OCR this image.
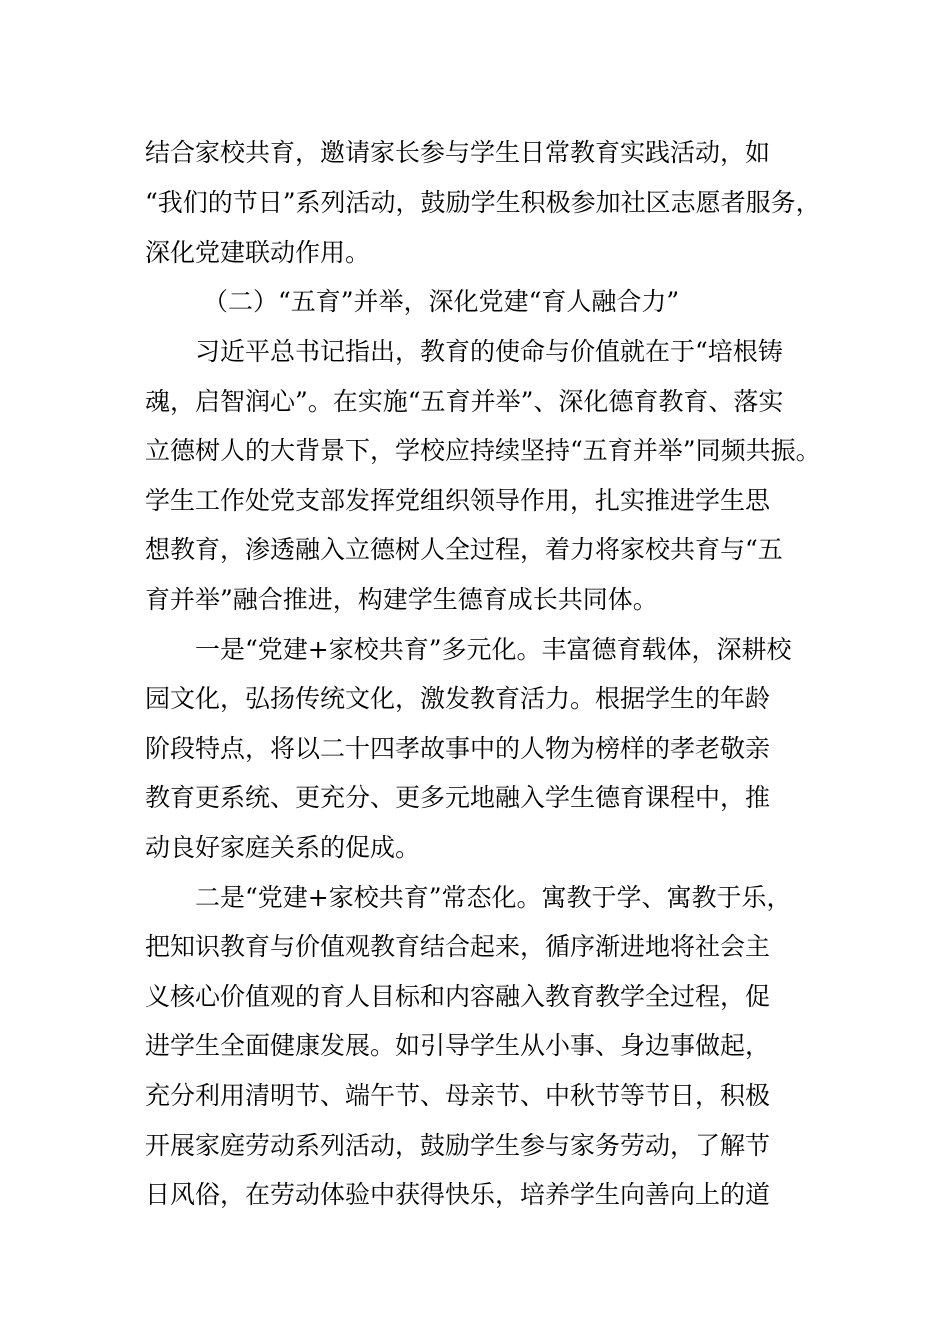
结合家校共育，邀请家长参与学生日常教育实践活动，如
“我们的节日”系列活动，鼓励学生积极参加社区志愿者服务，
深化党建联动作用。
（二）“五育”并举，深化党建“育人融合力”
习近平总书记指出，教育的使命与价值就在于“培根铸
魂，启智润心”。在实施“五育并举”、深化德育教育、落实
立德树人的大背景下，学校应持续坚持“五育并举”同频共振。
学生工作处党支部发挥党组织领导作用，扎实推进学生思
想教育，渗透融入立德树人全过程，着力将家校共育与“五
育并举”融合推进，构建学生德育成长共同体。
一是“党建+家校共育”多元化。丰富德育载体，深耕校
园文化，弘扬传统文化，激发教育活力。根据学生的年龄
阶段特点，将以二十四孝故事中的人物为榜样的孝老敬亲
教育更系统、更充分、更多元地融入学生德育课程中，推
动良好家庭关系的促成。
二是“党建+家校共育”常态化。寓教于学、寓教于乐，
把知识教育与价值观教育结合起来，循序渐进地将社会主
义核心价值观的育人目标和内容融入教育教学全过程，促
进学生全面健康发展。如引导学生从小事、身边事做起，
充分利用清明节、端午节、母亲节、中秋节等节日，积极
开展家庭劳动系列活动，鼓励学生参与家务劳动，了解节
日风俗，在劳动体验中获得快乐，培养学生向善向上的道
